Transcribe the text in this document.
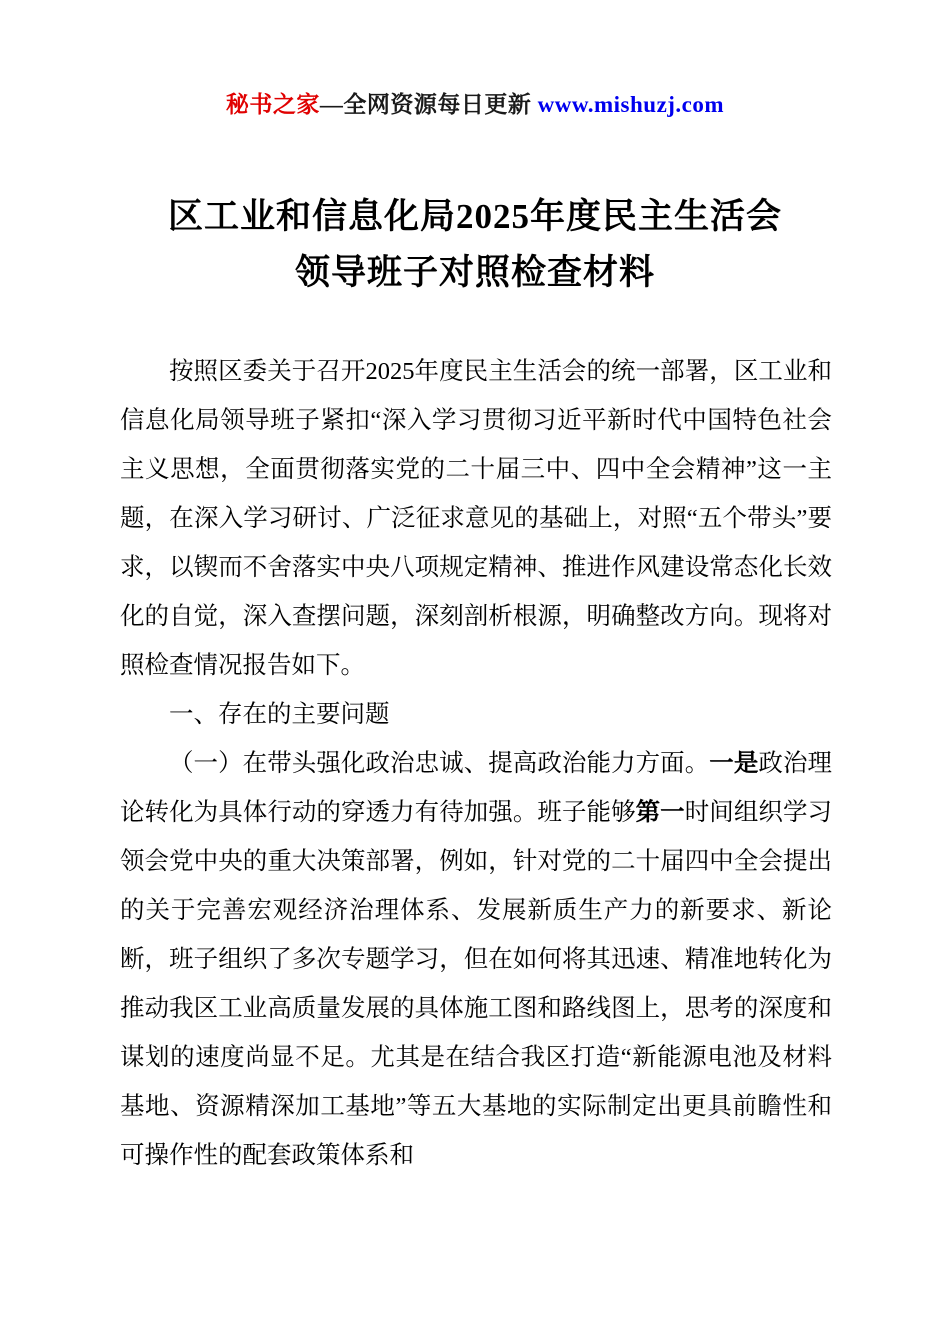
秘书之家—全网资源每日更新 www.mishuzj.com
区工业和信息化局2025年度民主生活会
领导班子对照检查材料

按照区委关于召开2025年度民主生活会的统一部署，区工业和信息化局领导班子紧扣“深入学习贯彻习近平新时代中国特色社会主义思想，全面贯彻落实党的二十届三中、四中全会精神”这一主题，在深入学习研讨、广泛征求意见的基础上，对照“五个带头”要求，以锲而不舍落实中央八项规定精神、推进作风建设常态化长效化的自觉，深入查摆问题，深刻剖析根源，明确整改方向。现将对照检查情况报告如下。

一、存在的主要问题

（一）在带头强化政治忠诚、提高政治能力方面。一是政治理论转化为具体行动的穿透力有待加强。班子能够第一时间组织学习领会党中央的重大决策部署，例如，针对党的二十届四中全会提出的关于完善宏观经济治理体系、发展新质生产力的新要求、新论断，班子组织了多次专题学习，但在如何将其迅速、精准地转化为推动我区工业高质量发展的具体施工图和路线图上，思考的深度和谋划的速度尚显不足。尤其是在结合我区打造“新能源电池及材料基地、资源精深加工基地”等五大基地的实际制定出更具前瞻性和可操作性的配套政策体系和
